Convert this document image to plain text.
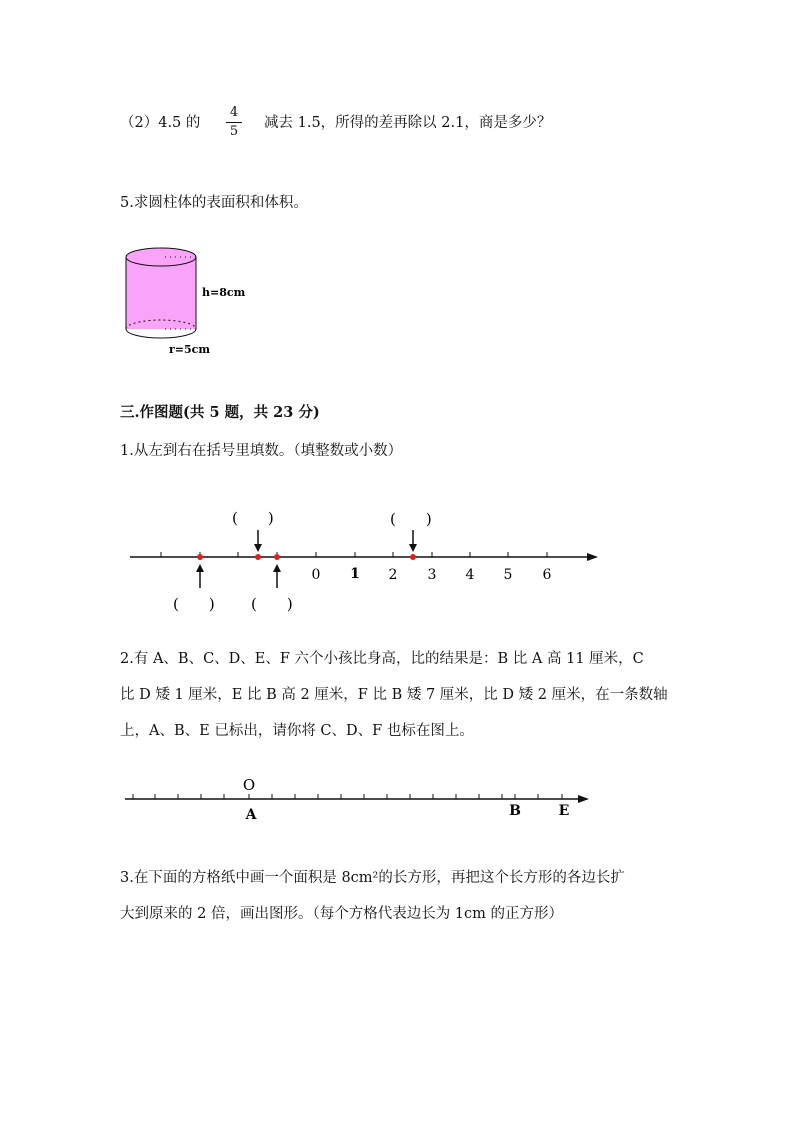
（2）4.5 的
4
5
减去 1.5，所得的差再除以 2.1，商是多少？
5.求圆柱体的表面积和体积。
h=8cm
r=5cm
三.作图题(共 5 题，共 23 分)
1.从左到右在括号里填数。（填整数或小数）
0 1 2 3 4 5 6
(　　)	(　　)
(　　) (　　)
2.有 A、B、C、D、E、F 六个小孩比身高，比的结果是：B 比 A 高 11 厘米，C
比 D 矮 1 厘米，E 比 B 高 2 厘米，F 比 B 矮 7 厘米，比 D 矮 2 厘米，在一条数轴
上，A、B、E 已标出，请你将 C、D、F 也标在图上。
O
A	B	E
3.在下面的方格纸中画一个面积是 8cm²的长方形，再把这个长方形的各边长扩
大到原来的 2 倍，画出图形。（每个方格代表边长为 1cm 的正方形）
